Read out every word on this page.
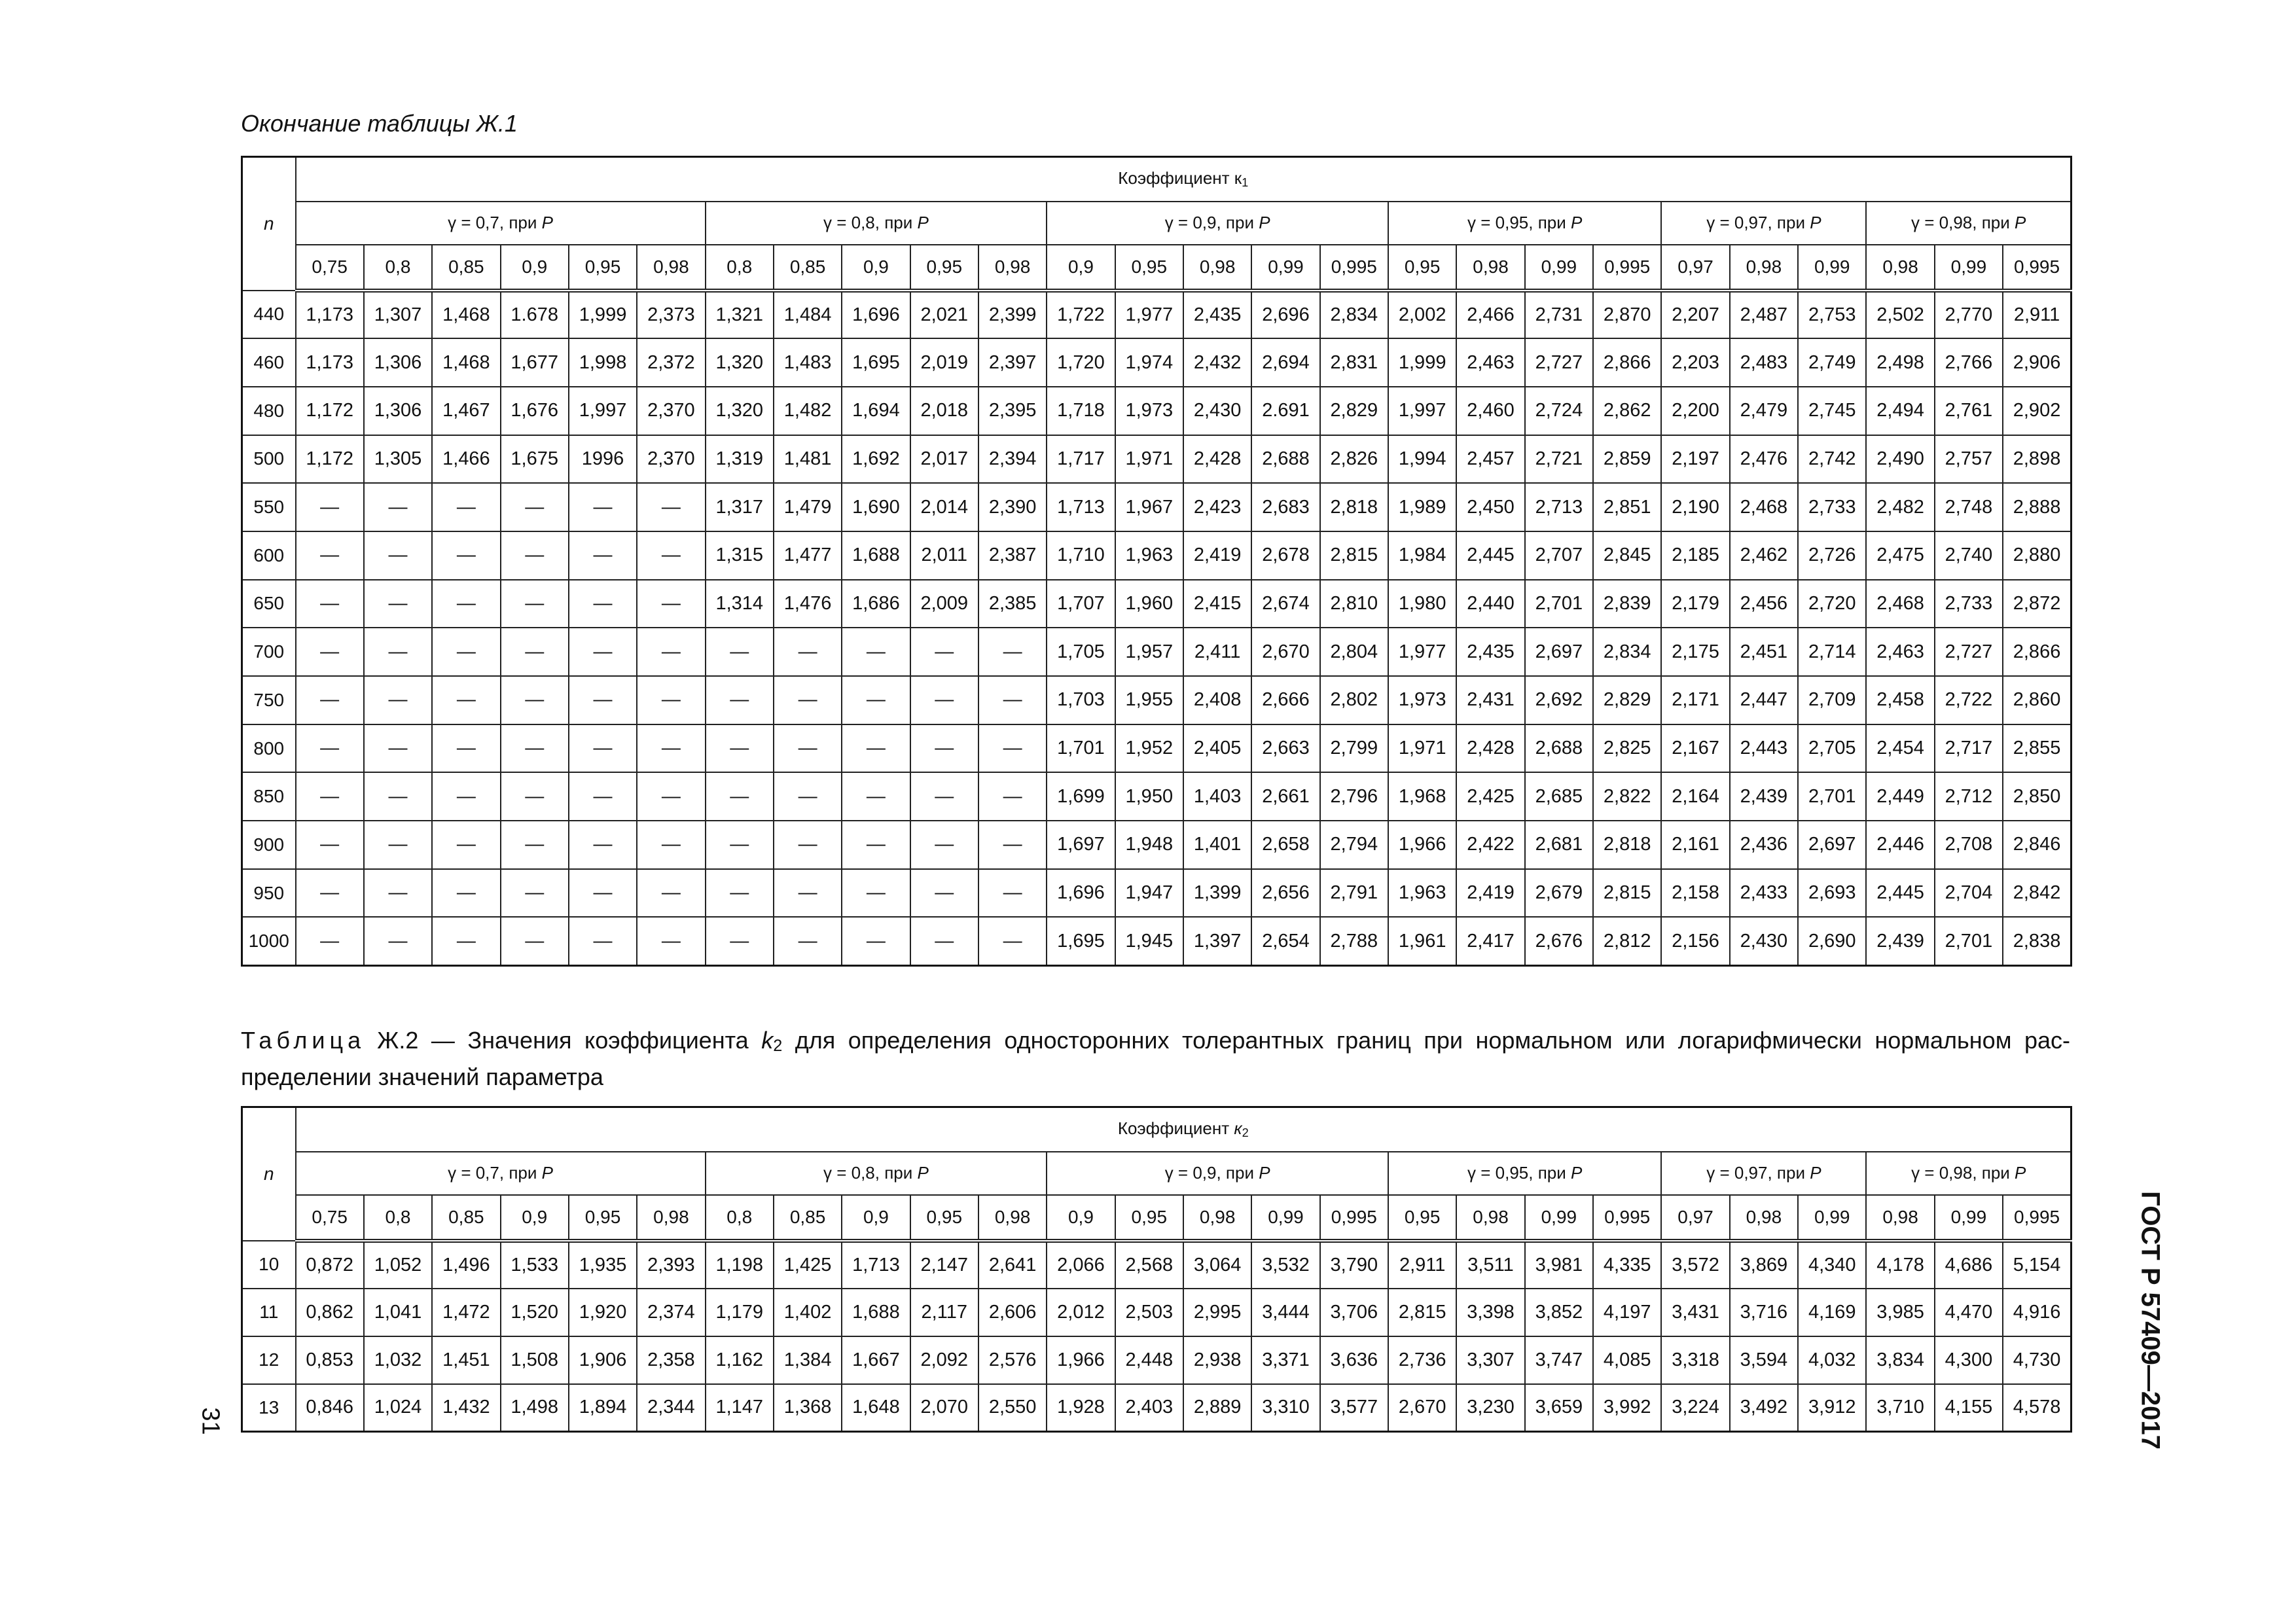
Окончание таблицы Ж.1
n	Коэффициент $к_1$
	γ = 0,7, при P						γ = 0,8, при P					γ = 0,9, при P					γ = 0,95, при P				γ = 0,97, при P			γ = 0,98, при P		
	0,75	0,8	0,85	0,9	0,95	0,98	0,8	0,85	0,9	0,95	0,98	0,9	0,95	0,98	0,99	0,995	0,95	0,98	0,99	0,995	0,97	0,98	0,99	0,98	0,99	0,995
440	1,173	1,307	1,468	1.678	1,999	2,373	1,321	1,484	1,696	2,021	2,399	1,722	1,977	2,435	2,696	2,834	2,002	2,466	2,731	2,870	2,207	2,487	2,753	2,502	2,770	2,911
460	1,173	1,306	1,468	1,677	1,998	2,372	1,320	1,483	1,695	2,019	2,397	1,720	1,974	2,432	2,694	2,831	1,999	2,463	2,727	2,866	2,203	2,483	2,749	2,498	2,766	2,906
480	1,172	1,306	1,467	1,676	1,997	2,370	1,320	1,482	1,694	2,018	2,395	1,718	1,973	2,430	2.691	2,829	1,997	2,460	2,724	2,862	2,200	2,479	2,745	2,494	2,761	2,902
500	1,172	1,305	1,466	1,675	1996	2,370	1,319	1,481	1,692	2,017	2,394	1,717	1,971	2,428	2,688	2,826	1,994	2,457	2,721	2,859	2,197	2,476	2,742	2,490	2,757	2,898
550	—	—	—	—	—	—	1,317	1,479	1,690	2,014	2,390	1,713	1,967	2,423	2,683	2,818	1,989	2,450	2,713	2,851	2,190	2,468	2,733	2,482	2,748	2,888
600	—	—	—	—	—	—	1,315	1,477	1,688	2,011	2,387	1,710	1,963	2,419	2,678	2,815	1,984	2,445	2,707	2,845	2,185	2,462	2,726	2,475	2,740	2,880
650	—	—	—	—	—	—	1,314	1,476	1,686	2,009	2,385	1,707	1,960	2,415	2,674	2,810	1,980	2,440	2,701	2,839	2,179	2,456	2,720	2,468	2,733	2,872
700	—	—	—	—	—	—	—	—	—	—	—	1,705	1,957	2,411	2,670	2,804	1,977	2,435	2,697	2,834	2,175	2,451	2,714	2,463	2,727	2,866
750	—	—	—	—	—	—	—	—	—	—	—	1,703	1,955	2,408	2,666	2,802	1,973	2,431	2,692	2,829	2,171	2,447	2,709	2,458	2,722	2,860
800	—	—	—	—	—	—	—	—	—	—	—	1,701	1,952	2,405	2,663	2,799	1,971	2,428	2,688	2,825	2,167	2,443	2,705	2,454	2,717	2,855
850	—	—	—	—	—	—	—	—	—	—	—	1,699	1,950	1,403	2,661	2,796	1,968	2,425	2,685	2,822	2,164	2,439	2,701	2,449	2,712	2,850
900	—	—	—	—	—	—	—	—	—	—	—	1,697	1,948	1,401	2,658	2,794	1,966	2,422	2,681	2,818	2,161	2,436	2,697	2,446	2,708	2,846
950	—	—	—	—	—	—	—	—	—	—	—	1,696	1,947	1,399	2,656	2,791	1,963	2,419	2,679	2,815	2,158	2,433	2,693	2,445	2,704	2,842
1000	—	—	—	—	—	—	—	—	—	—	—	1,695	1,945	1,397	2,654	2,788	1,961	2,417	2,676	2,812	2,156	2,430	2,690	2,439	2,701	2,838
Таблица Ж.2 — Значения коэффициента $k_2$ для определения односторонних толерантных границ при нормальном или логарифмически нормальном рас-пределении значений параметра
n	Коэффициент $к_2$
	γ = 0,7, при P						γ = 0,8, при P					γ = 0,9, при P					γ = 0,95, при P				γ = 0,97, при P			γ = 0,98, при P		
	0,75	0,8	0,85	0,9	0,95	0,98	0,8	0,85	0,9	0,95	0,98	0,9	0,95	0,98	0,99	0,995	0,95	0,98	0,99	0,995	0,97	0,98	0,99	0,98	0,99	0,995
10	0,872	1,052	1,496	1,533	1,935	2,393	1,198	1,425	1,713	2,147	2,641	2,066	2,568	3,064	3,532	3,790	2,911	3,511	3,981	4,335	3,572	3,869	4,340	4,178	4,686	5,154
11	0,862	1,041	1,472	1,520	1,920	2,374	1,179	1,402	1,688	2,117	2,606	2,012	2,503	2,995	3,444	3,706	2,815	3,398	3,852	4,197	3,431	3,716	4,169	3,985	4,470	4,916
12	0,853	1,032	1,451	1,508	1,906	2,358	1,162	1,384	1,667	2,092	2,576	1,966	2,448	2,938	3,371	3,636	2,736	3,307	3,747	4,085	3,318	3,594	4,032	3,834	4,300	4,730
13	0,846	1,024	1,432	1,498	1,894	2,344	1,147	1,368	1,648	2,070	2,550	1,928	2,403	2,889	3,310	3,577	2,670	3,230	3,659	3,992	3,224	3,492	3,912	3,710	4,155	4,578	ГОСТ Р 57409—2017
31
